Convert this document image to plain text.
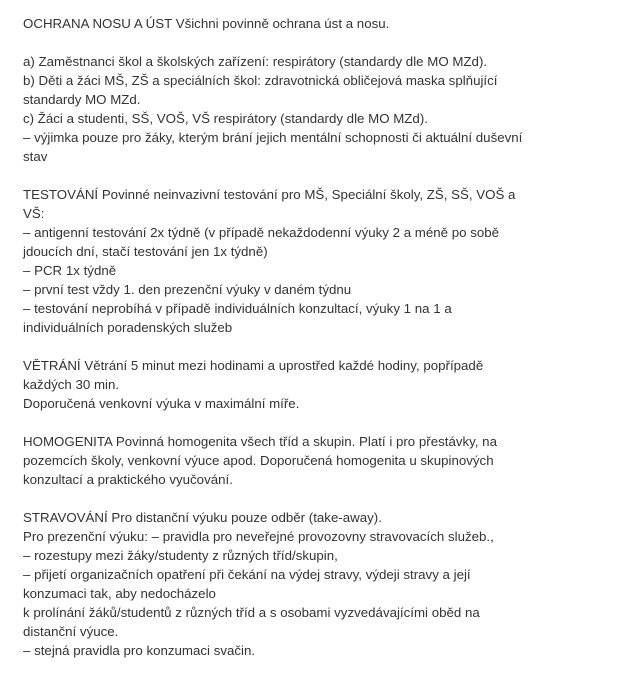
OCHRANA NOSU A ÚST Všichni povinně ochrana úst a nosu.
a) Zaměstnanci škol a školských zařízení: respirátory (standardy dle MO MZd).
b) Děti a žáci MŠ, ZŠ a speciálních škol: zdravotnická obličejová maska splňující
standardy MO MZd.
c) Žáci a studenti, SŠ, VOŠ, VŠ respirátory (standardy dle MO MZd).
– výjimka pouze pro žáky, kterým brání jejich mentální schopnosti či aktuální duševní
stav
TESTOVÁNÍ Povinné neinvazivní testování pro MŠ, Speciální školy, ZŠ, SŠ, VOŠ a
VŠ:
– antigenní testování 2x týdně (v případě nekaždodenní výuky 2 a méně po sobě
jdoucích dní, stačí testování jen 1x týdně)
– PCR 1x týdně
– první test vždy 1. den prezenční výuky v daném týdnu
– testování neprobíhá v případě individuálních konzultací, výuky 1 na 1 a
individuálních poradenských služeb
VĚTRÁNÍ Větrání 5 minut mezi hodinami a uprostřed každé hodiny, popřípadě
každých 30 min.
Doporučená venkovní výuka v maximální míře.
HOMOGENITA Povinná homogenita všech tříd a skupin. Platí i pro přestávky, na
pozemcích školy, venkovní výuce apod. Doporučená homogenita u skupinových
konzultací a praktického vyučování.
STRAVOVÁNÍ Pro distanční výuku pouze odběr (take-away).
Pro prezenční výuku: – pravidla pro neveřejné provozovny stravovacích služeb.,
– rozestupy mezi žáky/studenty z různých tříd/skupin,
– přijetí organizačních opatření při čekání na výdej stravy, výdeji stravy a její
konzumaci tak, aby nedocházelo
k prolínání žáků/studentů z různých tříd a s osobami vyzvedávajícími oběd na
distanční výuce.
– stejná pravidla pro konzumaci svačin.
